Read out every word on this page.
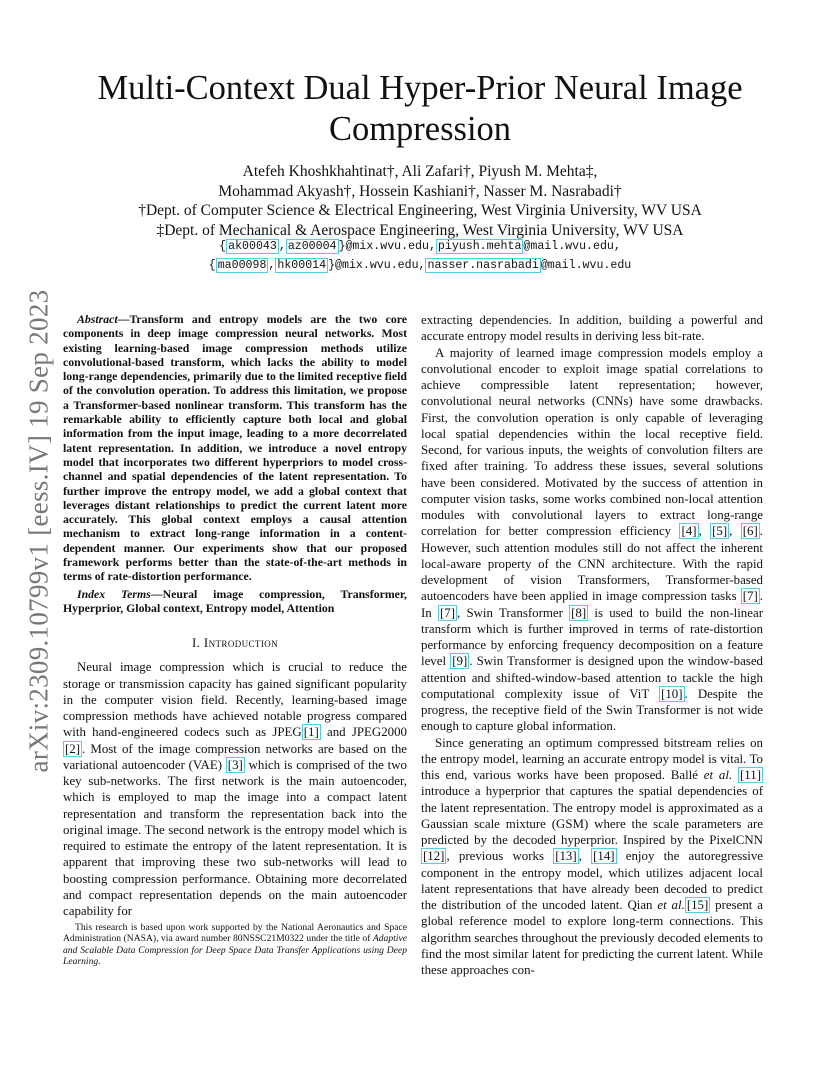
arXiv:2309.10799v1 [eess.IV] 19 Sep 2023
Multi-Context Dual Hyper-Prior Neural Image
Compression
Atefeh Khoshkhahtinat†, Ali Zafari†, Piyush M. Mehta‡,
Mohammad Akyash†, Hossein Kashiani†, Nasser M. Nasrabadi†
†Dept. of Computer Science & Electrical Engineering, West Virginia University, WV USA
‡Dept. of Mechanical & Aerospace Engineering, West Virginia University, WV USA
{ ak00043 , az00004 }@mix.wvu.edu, piyush.mehta @mail.wvu.edu,
{ ma00098 , hk00014 }@mix.wvu.edu, nasser.nasrabadi @mail.wvu.edu

Abstract—Transform and entropy models are the two core components in deep image compression neural networks. Most existing learning-based image compression methods utilize convolutional-based transform, which lacks the ability to model long-range dependencies, primarily due to the limited receptive field of the convolution operation. To address this limitation, we propose a Transformer-based nonlinear transform. This transform has the remarkable ability to efficiently capture both local and global information from the input image, leading to a more decorrelated latent representation. In addition, we introduce a novel entropy model that incorporates two different hyperpriors to model cross-channel and spatial dependencies of the latent representation. To further improve the entropy model, we add a global context that leverages distant relationships to predict the current latent more accurately. This global context employs a causal attention mechanism to extract long-range information in a content-dependent manner. Our experiments show that our proposed framework performs better than the state-of-the-art methods in terms of rate-distortion performance.

Index Terms—Neural image compression, Transformer, Hyperprior, Global context, Entropy model, Attention

I. Introduction

Neural image compression which is crucial to reduce the storage or transmission capacity has gained significant popularity in the computer vision field. Recently, learning-based image compression methods have achieved notable progress compared with hand-engineered codecs such as JPEG [1] and JPEG2000 [2] . Most of the image compression networks are based on the variational autoencoder (VAE) [3] which is comprised of the two key sub-networks. The first network is the main autoencoder, which is employed to map the image into a compact latent representation and transform the representation back into the original image. The second network is the entropy model which is required to estimate the entropy of the latent representation. It is apparent that improving these two sub-networks will lead to boosting compression performance. Obtaining more decorrelated and compact representation depends on the main autoencoder capability for

extracting dependencies. In addition, building a powerful and accurate entropy model results in deriving less bit-rate.

A majority of learned image compression models employ a convolutional encoder to exploit image spatial correlations to achieve compressible latent representation; however, convolutional neural networks (CNNs) have some drawbacks. First, the convolution operation is only capable of leveraging local spatial dependencies within the local receptive field. Second, for various inputs, the weights of convolution filters are fixed after training. To address these issues, several solutions have been considered. Motivated by the success of attention in computer vision tasks, some works combined non-local attention modules with convolutional layers to extract long-range correlation for better compression efficiency [4] , [5] , [6] . However, such attention modules still do not affect the inherent local-aware property of the CNN architecture. With the rapid development of vision Transformers, Transformer-based autoencoders have been applied in image compression tasks [7] . In [7] , Swin Transformer [8] is used to build the non-linear transform which is further improved in terms of rate-distortion performance by enforcing frequency decomposition on a feature level [9] . Swin Transformer is designed upon the window-based attention and shifted-window-based attention to tackle the high computational complexity issue of ViT [10] . Despite the progress, the receptive field of the Swin Transformer is not wide enough to capture global information.

Since generating an optimum compressed bitstream relies on the entropy model, learning an accurate entropy model is vital. To this end, various works have been proposed. Ballé et al. [11] introduce a hyperprior that captures the spatial dependencies of the latent representation. The entropy model is approximated as a Gaussian scale mixture (GSM) where the scale parameters are predicted by the decoded hyperprior. Inspired by the PixelCNN [12] , previous works [13] , [14] enjoy the autoregressive component in the entropy model, which utilizes adjacent local latent representations that have already been decoded to predict the distribution of the uncoded latent. Qian et al. [15] present a global reference model to explore long-term connections. This algorithm searches throughout the previously decoded elements to find the most similar latent for predicting the current latent. While these approaches con-

This research is based upon work supported by the National Aeronautics and Space Administration (NASA), via award number 80NSSC21M0322 under the title of Adaptive and Scalable Data Compression for Deep Space Data Transfer Applications using Deep Learning.
